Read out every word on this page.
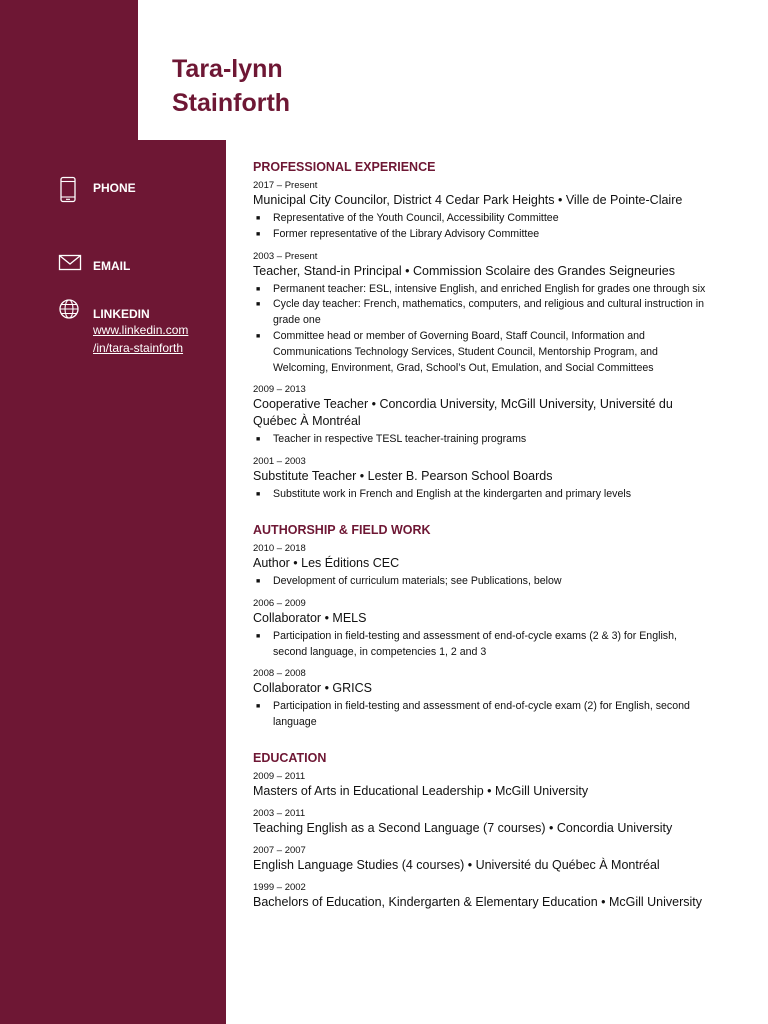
Tara-lynn
Stainforth
PHONE
EMAIL
LINKEDIN
www.linkedin.com
/in/tara-stainforth
PROFESSIONAL EXPERIENCE
2017 – Present
Municipal City Councilor, District 4 Cedar Park Heights • Ville de Pointe-Claire
■ Representative of the Youth Council, Accessibility Committee
■ Former representative of the Library Advisory Committee
2003 – Present
Teacher, Stand-in Principal • Commission Scolaire des Grandes Seigneuries
■ Permanent teacher: ESL, intensive English, and enriched English for grades one through six
■ Cycle day teacher: French, mathematics, computers, and religious and cultural instruction in grade one
■ Committee head or member of Governing Board, Staff Council, Information and Communications Technology Services, Student Council, Mentorship Program, and Welcoming, Environment, Grad, School’s Out, Emulation, and Social Committees
2009 – 2013
Cooperative Teacher • Concordia University, McGill University, Université du Québec À Montréal
■ Teacher in respective TESL teacher-training programs
2001 – 2003
Substitute Teacher • Lester B. Pearson School Boards
■ Substitute work in French and English at the kindergarten and primary levels
AUTHORSHIP & FIELD WORK
2010 – 2018
Author • Les Éditions CEC
■ Development of curriculum materials; see Publications, below
2006 – 2009
Collaborator • MELS
■ Participation in field-testing and assessment of end-of-cycle exams (2 & 3) for English, second language, in competencies 1, 2 and 3
2008 – 2008
Collaborator • GRICS
■ Participation in field-testing and assessment of end-of-cycle exam (2) for English, second language
EDUCATION
2009 – 2011
Masters of Arts in Educational Leadership • McGill University
2003 – 2011
Teaching English as a Second Language (7 courses) • Concordia University
2007 – 2007
English Language Studies (4 courses) • Université du Québec À Montréal
1999 – 2002
Bachelors of Education, Kindergarten & Elementary Education • McGill University
